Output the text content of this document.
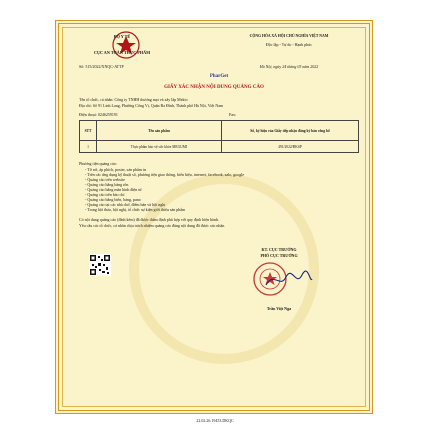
BỘ Y TẾ
CỤC AN TOÀN THỰC PHẨM
Số: 515/2022/XNQC-ATTP
CỘNG HÒA XÃ HỘI CHỦ NGHĨA VIỆT NAM
Độc lập - Tự do - Hạnh phúc
Hà Nội, ngày 24 tháng 03 năm 2022
PharGet
GIẤY XÁC NHẬN NỘI DUNG QUẢNG CÁO
Tên tổ chức, cá nhân: Công ty TNHH thương mại và xây lắp Mekio
Địa chỉ: Số 91 Linh Lang, Phường Cống Vị, Quận Ba Đình, Thành phố Hà Nội, Việt Nam
Điện thoại: 0246259191	Fax:
STT	Tên sản phẩm	Số, ký hiệu của Giấy tiếp nhận đăng ký bản công bố
1	Thực phẩm bảo vệ sức khỏe MEGUMI	491/2022/ĐKSP
Phương tiện quảng cáo:
- Tờ rơi, áp phích, poster, sản phẩm in
- Trên các ứng dụng kỹ thuật số, phương tiện giao thông, biển hiệu, internet, facebook, zalo, google
- Quảng cáo trên website
- Quảng cáo bằng băng rôn
- Quảng cáo bằng màn hình điện tử
- Quảng cáo trên báo chí
- Quảng cáo bằng biển, bảng, pano
- Quảng cáo tại các nhà chờ, điểm bán và hội nghị
- Trong hội thảo, hội nghị, tổ chức sự kiện giới thiệu sản phẩm
Có nội dung quảng cáo (đính kèm) đã được thẩm định phù hợp với quy định hiện hành.
Yêu cầu các tổ chức, cá nhân chịu trách nhiệm quảng cáo đúng nội dung đã được xác nhận.
KT. CỤC TRƯỞNG
PHÓ CỤC TRƯỞNG
Trần Việt Nga
22.02.26.19453.DKQC
